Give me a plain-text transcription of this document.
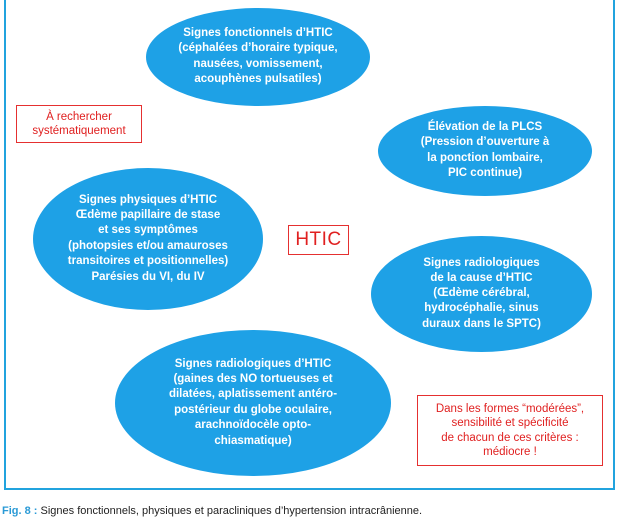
Signes fonctionnels d’HTIC
(céphalées d’horaire typique,
nausées, vomissement,
acouphènes pulsatiles)
Élévation de la PLCS
(Pression d’ouverture à
la ponction lombaire,
PIC continue)
Signes physiques d’HTIC
Œdème papillaire de stase
et ses symptômes
(photopsies et/ou amauroses
transitoires et positionnelles)
Parésies du VI, du IV
Signes radiologiques
de la cause d’HTIC
(Œdème cérébral,
hydrocéphalie, sinus
duraux dans le SPTC)
Signes radiologiques d’HTIC
(gaines des NO tortueuses et
dilatées, aplatissement antéro-
postérieur du globe oculaire,
arachnoïdocèle opto-
chiasmatique)
HTIC
À rechercher
systématiquement
Dans les formes “modérées”,
sensibilité et spécificité
de chacun de ces critères :
médiocre !
Fig. 8 : Signes fonctionnels, physiques et paracliniques d’hypertension intracrânienne.
